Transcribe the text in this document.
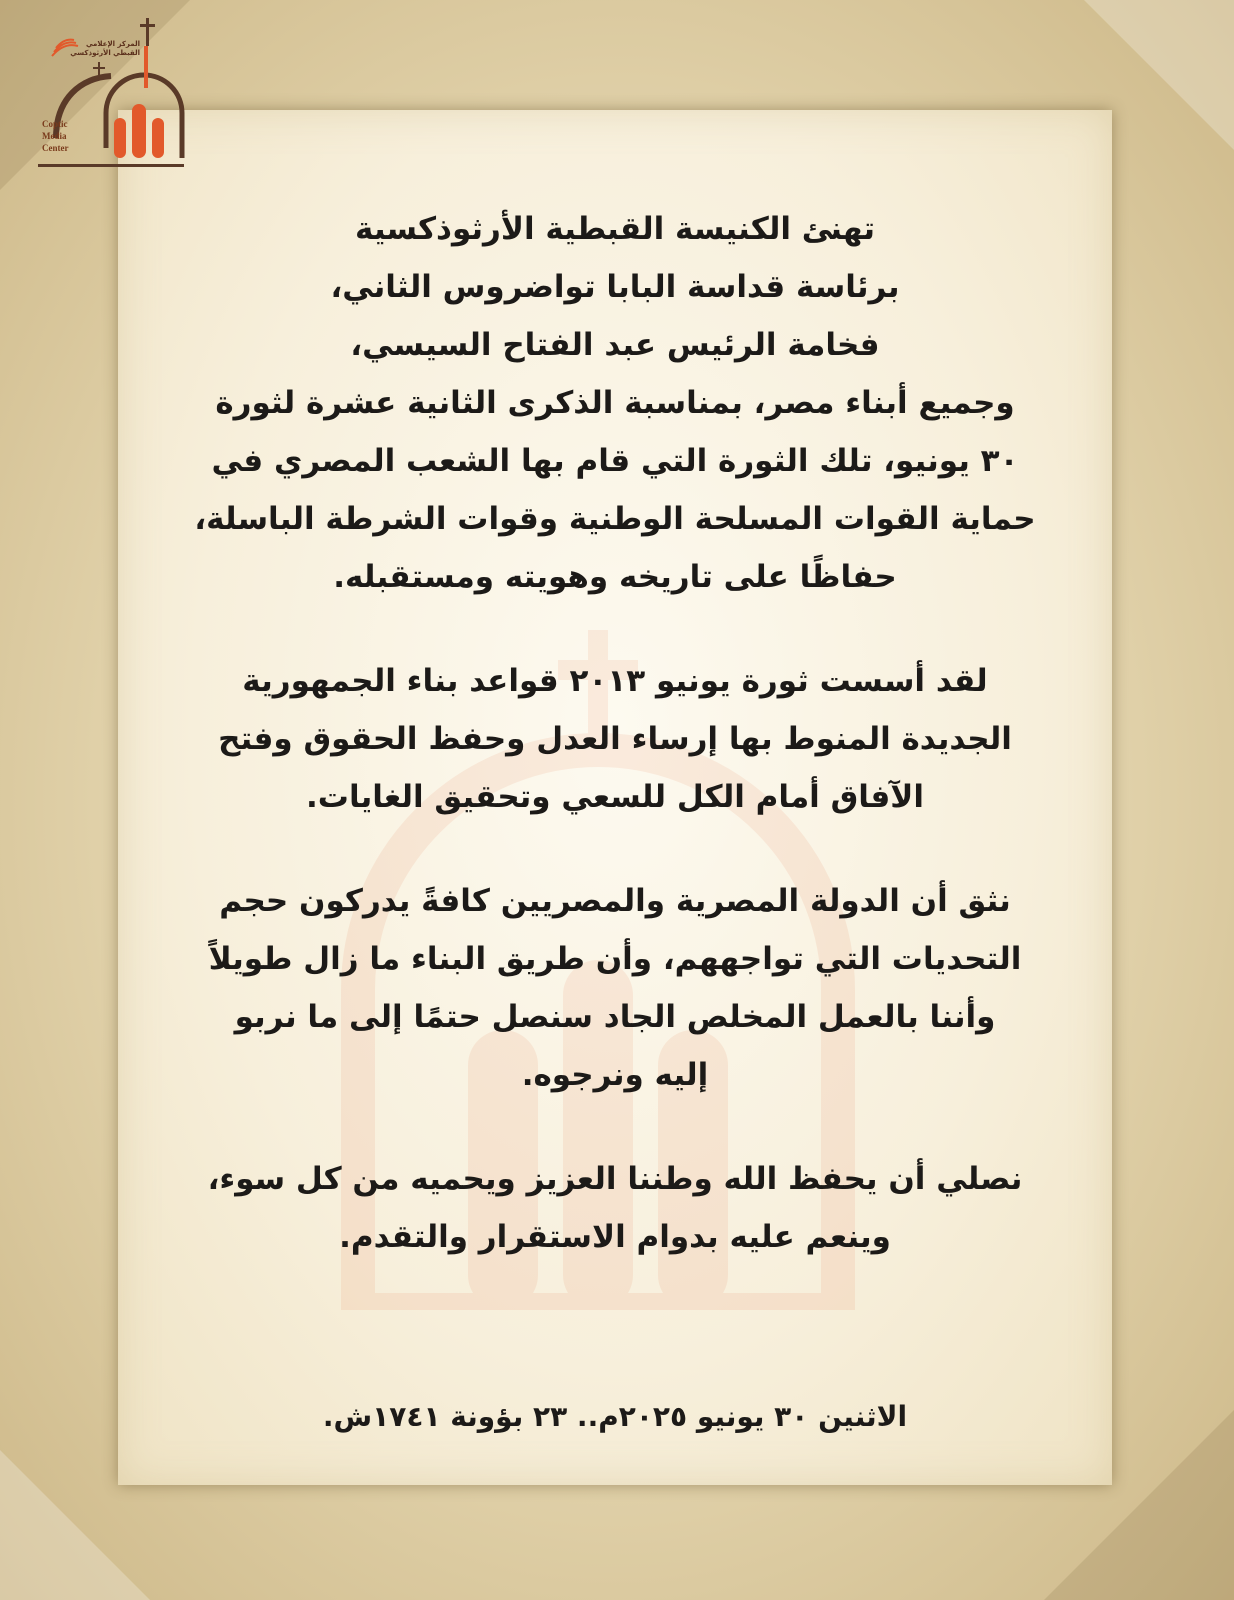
المركز الإعلامي
القبطي الأرثوذكسي
Coptic
Media
Center

تهنئ الكنيسة القبطية الأرثوذكسية

برئاسة قداسة البابا تواضروس الثاني،

فخامة الرئيس عبد الفتاح السيسي،

وجميع أبناء مصر، بمناسبة الذكرى الثانية عشرة لثورة

٣٠ يونيو، تلك الثورة التي قام بها الشعب المصري في

حماية القوات المسلحة الوطنية وقوات الشرطة الباسلة،

حفاظًا على تاريخه وهويته ومستقبله.

لقد أسست ثورة يونيو ٢٠١٣ قواعد بناء الجمهورية

الجديدة المنوط بها إرساء العدل وحفظ الحقوق وفتح

الآفاق أمام الكل للسعي وتحقيق الغايات.

نثق أن الدولة المصرية والمصريين كافةً يدركون حجم

التحديات التي تواجههم، وأن طريق البناء ما زال طويلاً

وأننا بالعمل المخلص الجاد سنصل حتمًا إلى ما نربو

إليه ونرجوه.

نصلي أن يحفظ الله وطننا العزيز ويحميه من كل سوء،

وينعم عليه بدوام الاستقرار والتقدم.

الاثنين ٣٠ يونيو ٢٠٢٥م.. ٢٣ بؤونة ١٧٤١ش.
